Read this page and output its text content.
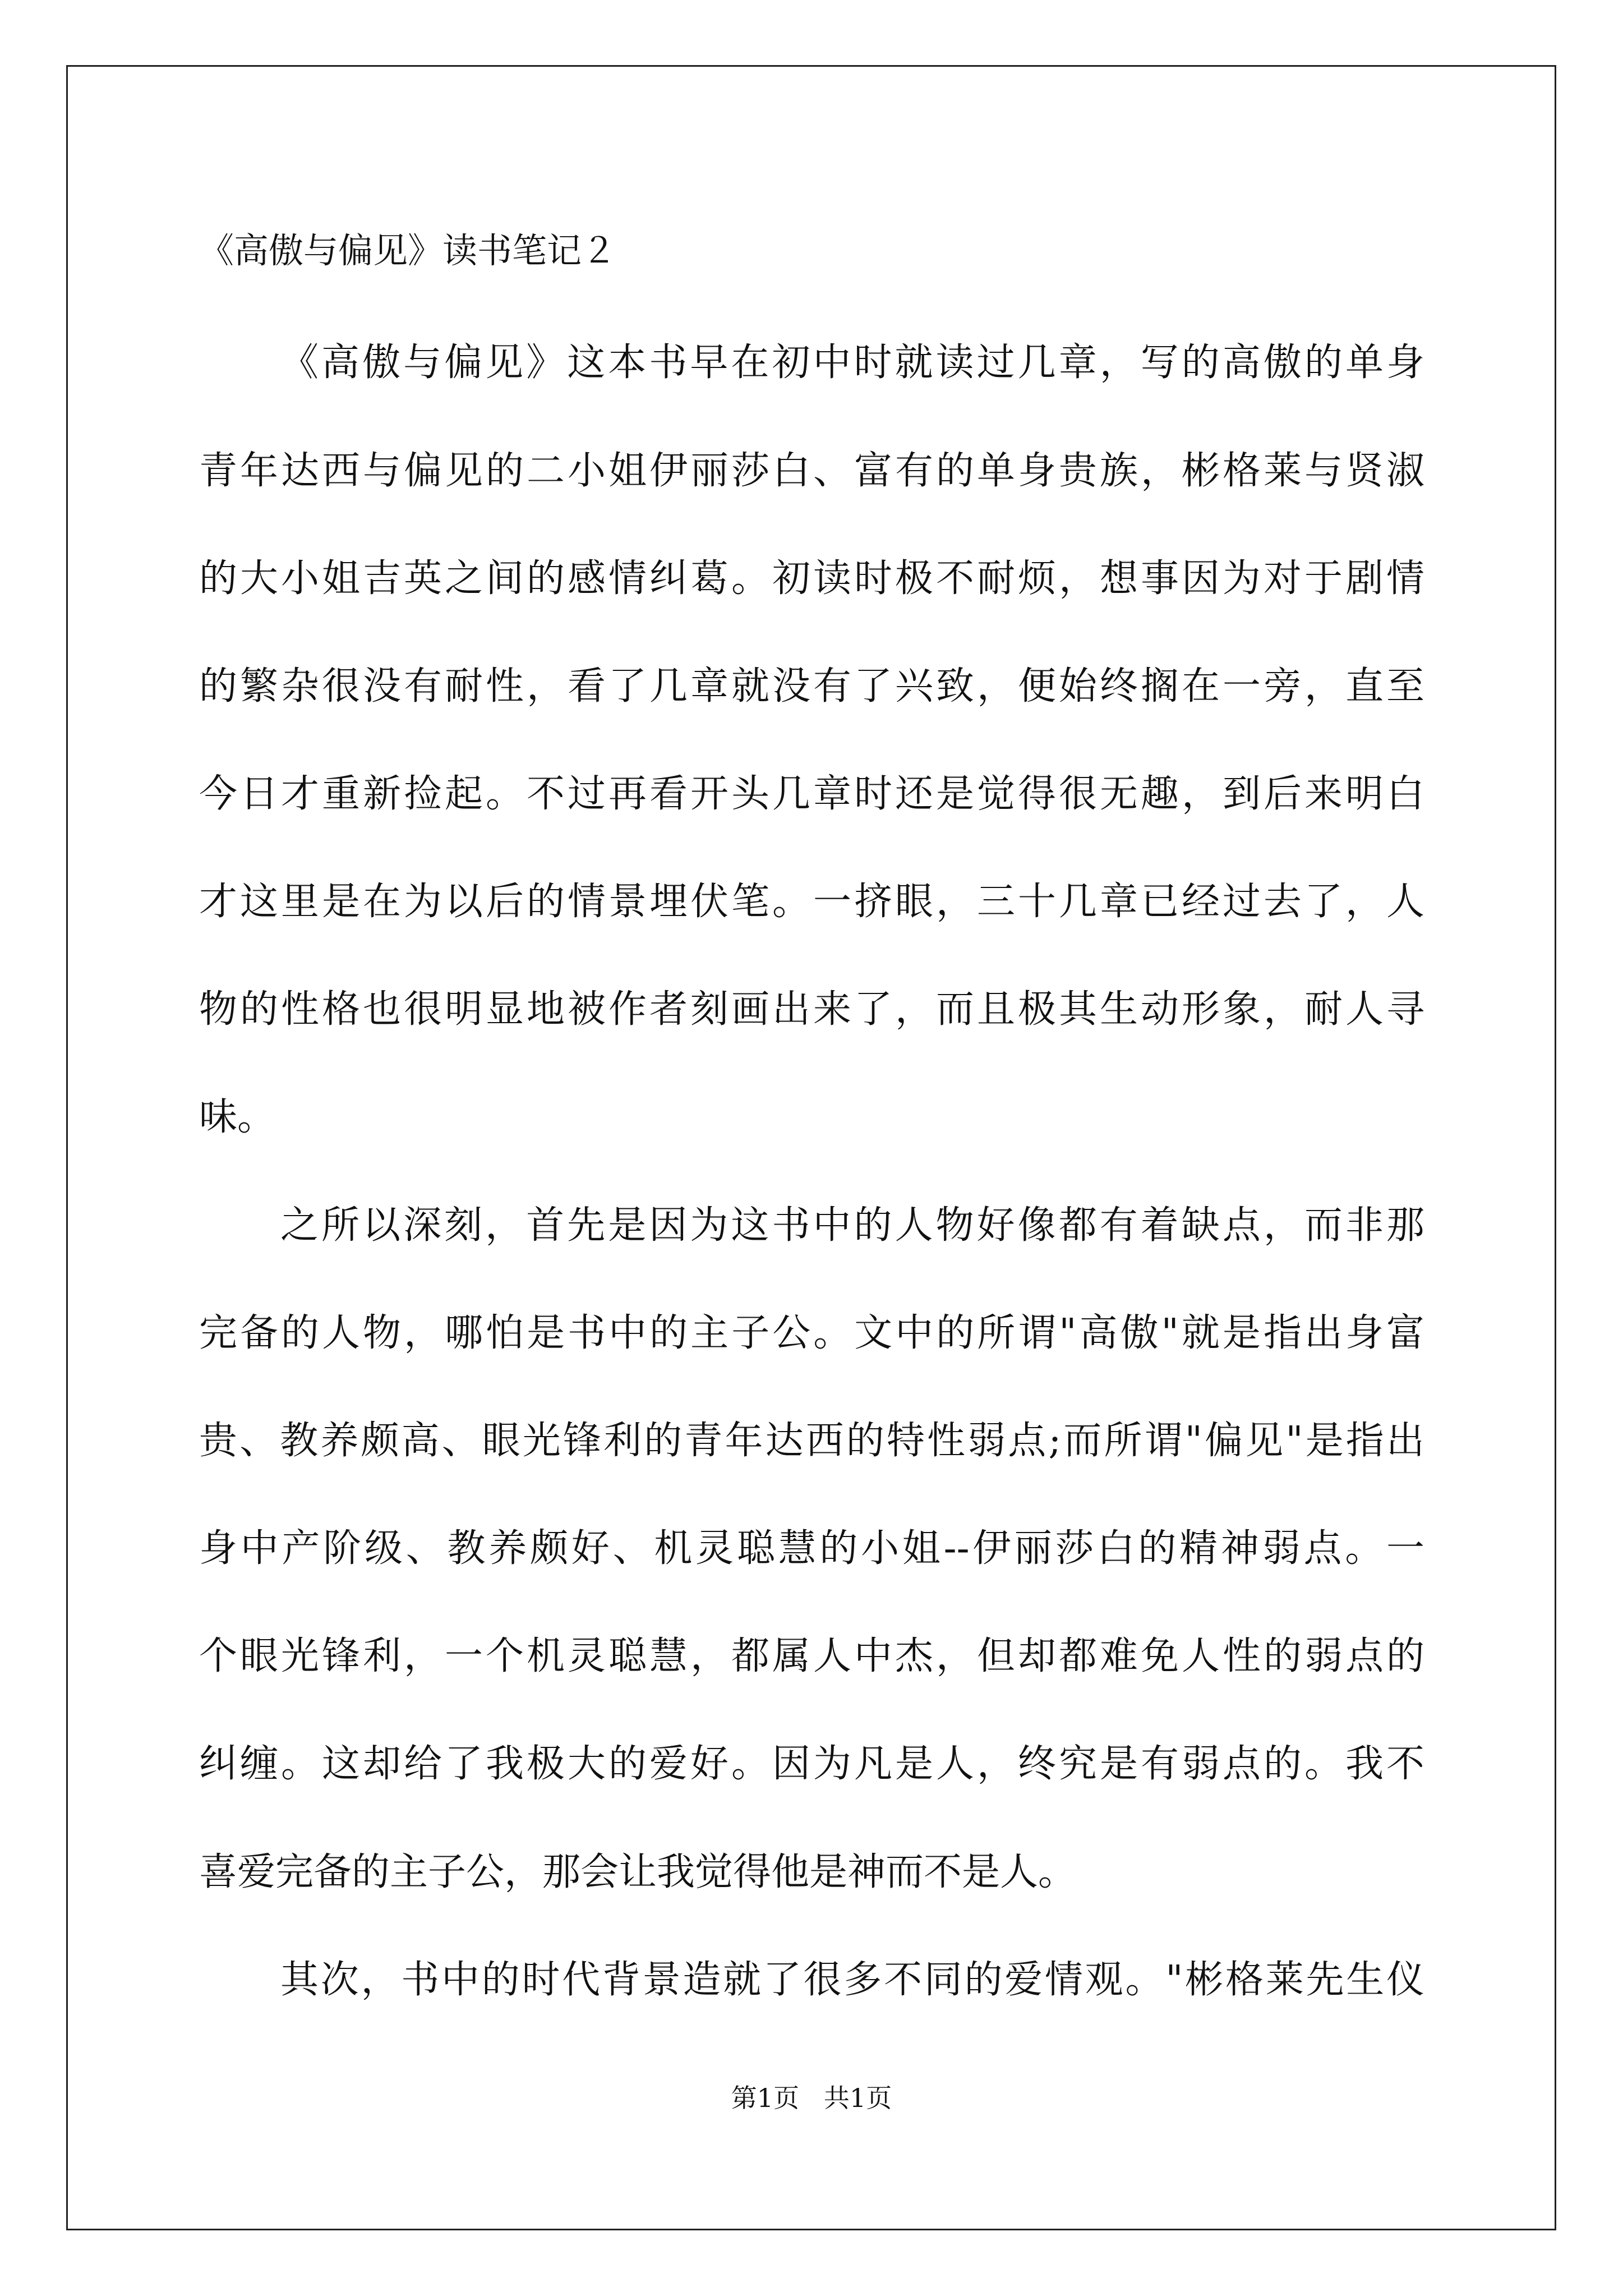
《高傲与偏见》读书笔记２
《高傲与偏见》这本书早在初中时就读过几章，写的高傲的单身
青年达西与偏见的二小姐伊丽莎白、富有的单身贵族，彬格莱与贤淑
的大小姐吉英之间的感情纠葛。初读时极不耐烦，想事因为对于剧情
的繁杂很没有耐性，看了几章就没有了兴致，便始终搁在一旁，直至
今日才重新捡起。不过再看开头几章时还是觉得很无趣，到后来明白
才这里是在为以后的情景埋伏笔。一挤眼，三十几章已经过去了，人
物的性格也很明显地被作者刻画出来了，而且极其生动形象，耐人寻
味。
之所以深刻，首先是因为这书中的人物好像都有着缺点，而非那
完备的人物，哪怕是书中的主子公。文中的所谓"高傲"就是指出身富
贵、教养颇高、眼光锋利的青年达西的特性弱点;而所谓"偏见"是指出
身中产阶级、教养颇好、机灵聪慧的小姐--伊丽莎白的精神弱点。一
个眼光锋利，一个机灵聪慧，都属人中杰，但却都难免人性的弱点的
纠缠。这却给了我极大的爱好。因为凡是人，终究是有弱点的。我不
喜爱完备的主子公，那会让我觉得他是神而不是人。
其次，书中的时代背景造就了很多不同的爱情观。"彬格莱先生仪
第1页   共1页
